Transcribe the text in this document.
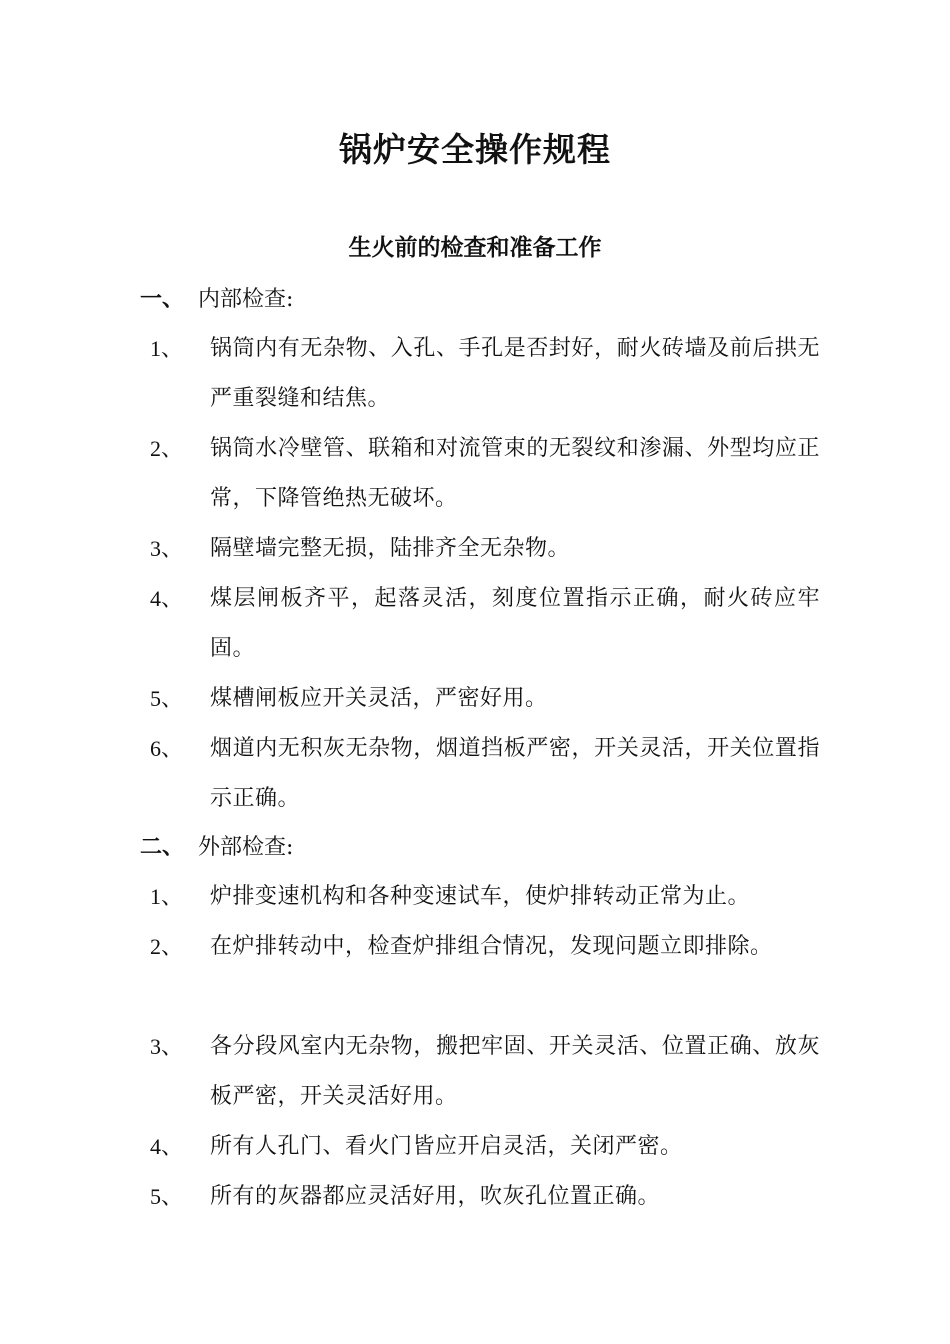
锅炉安全操作规程
生火前的检查和准备工作
一、 内部检查:
1、	锅筒内有无杂物、入孔、手孔是否封好，耐火砖墙及前后拱无严重裂缝和结焦。
2、	锅筒水冷壁管、联箱和对流管束的无裂纹和渗漏、外型均应正常，下降管绝热无破坏。
3、	隔壁墙完整无损，陆排齐全无杂物。
4、	煤层闸板齐平，起落灵活，刻度位置指示正确，耐火砖应牢固。
5、	煤槽闸板应开关灵活，严密好用。
6、	烟道内无积灰无杂物，烟道挡板严密，开关灵活，开关位置指示正确。
二、 外部检查:
1、	炉排变速机构和各种变速试车，使炉排转动正常为止。
2、	在炉排转动中，检查炉排组合情况，发现问题立即排除。
3、	各分段风室内无杂物，搬把牢固、开关灵活、位置正确、放灰板严密，开关灵活好用。
4、	所有人孔门、看火门皆应开启灵活，关闭严密。
5、	所有的灰器都应灵活好用，吹灰孔位置正确。
